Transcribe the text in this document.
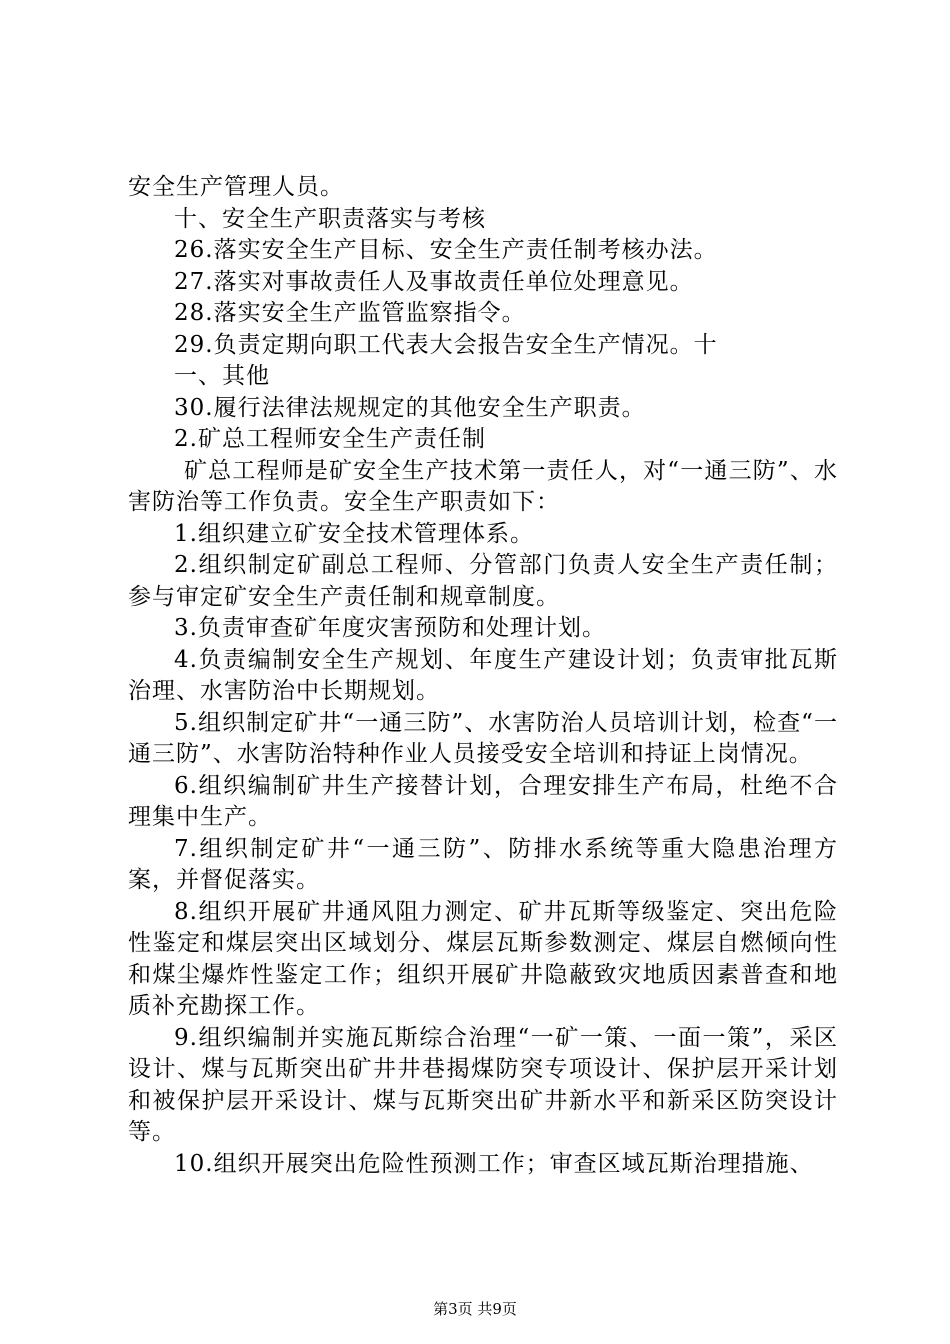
安全生产管理人员。

十、安全生产职责落实与考核

26.落实安全生产目标、安全生产责任制考核办法。

27.落实对事故责任人及事故责任单位处理意见。

28.落实安全生产监管监察指令。

29.负责定期向职工代表大会报告安全生产情况。十

一、其他

30.履行法律法规规定的其他安全生产职责。

2.矿总工程师安全生产责任制

矿总工程师是矿安全生产技术第一责任人，对“一通三防”、水害防治等工作负责。安全生产职责如下：

1.组织建立矿安全技术管理体系。

2.组织制定矿副总工程师、分管部门负责人安全生产责任制；参与审定矿安全生产责任制和规章制度。

3.负责审查矿年度灾害预防和处理计划。

4.负责编制安全生产规划、年度生产建设计划；负责审批瓦斯治理、水害防治中长期规划。

5.组织制定矿井“一通三防”、水害防治人员培训计划，检查“一通三防”、水害防治特种作业人员接受安全培训和持证上岗情况。

6.组织编制矿井生产接替计划，合理安排生产布局，杜绝不合理集中生产。

7.组织制定矿井“一通三防”、防排水系统等重大隐患治理方案，并督促落实。

8.组织开展矿井通风阻力测定、矿井瓦斯等级鉴定、突出危险性鉴定和煤层突出区域划分、煤层瓦斯参数测定、煤层自燃倾向性和煤尘爆炸性鉴定工作；组织开展矿井隐蔽致灾地质因素普查和地质补充勘探工作。

9.组织编制并实施瓦斯综合治理“一矿一策、一面一策”，采区设计、煤与瓦斯突出矿井井巷揭煤防突专项设计、保护层开采计划和被保护层开采设计、煤与瓦斯突出矿井新水平和新采区防突设计等。

10.组织开展突出危险性预测工作；审查区域瓦斯治理措施、

第3页 共9页
